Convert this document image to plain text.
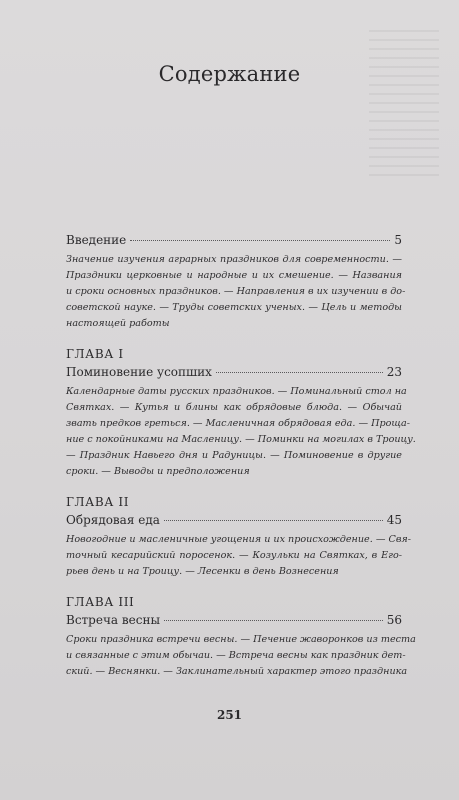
Содержание
Введение	5
Значение изучения аграрных праздников для современности. —
Праздники церковные и народные и их смешение. — Названия
и сроки основных праздников. — Направления в их изучении в до-
советской науке. — Труды советских ученых. — Цель и методы
настоящей работы
ГЛАВА I
Поминовение усопших	23
Календарные даты русских праздников. — Поминальный стол на
Святках. — Кутья и блины как обрядовые блюда. — Обычай
звать предков греться. — Масленичная обрядовая еда. — Проща-
ние с покойниками на Масленицу. — Поминки на могилах в Троицу.
— Праздник Навьего дня и Радуницы. — Поминовение в другие
сроки. — Выводы и предположения
ГЛАВА II
Обрядовая еда	45
Новогодние и масленичные угощения и их происхождение. — Свя-
точный кесарийский поросенок. — Козульки на Святках, в Его-
рьев день и на Троицу. — Лесенки в день Вознесения
ГЛАВА III
Встреча весны	56
Сроки праздника встречи весны. — Печение жаворонков из теста
и связанные с этим обычаи. — Встреча весны как праздник дет-
ский. — Веснянки. — Заклинательный характер этого праздника
251
